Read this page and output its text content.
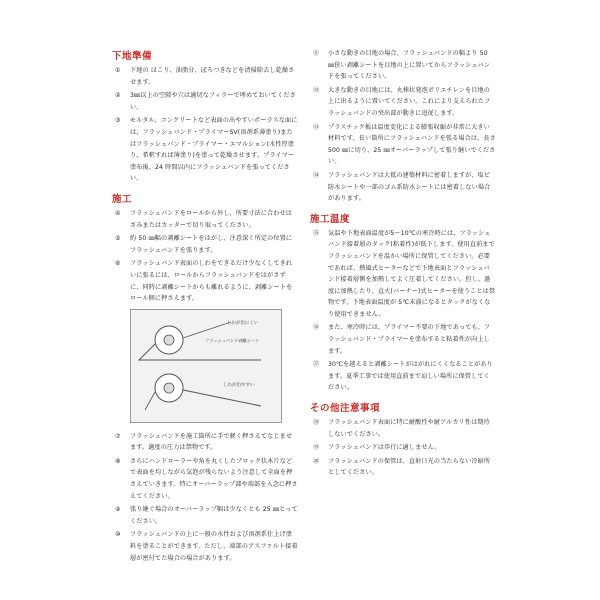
下地準備
① 下地の ほこり、油脂分、ぼろつきなどを清掃除去し乾燥させます。
② 3㎜以上の空隙や穴は適切なフィラーで埋めておいてください。
③ モルタル、コンクリートなど表面の出やすいポーラスな面には、フラッシュバンド・プライマーSV(溶剤系薄塗り)またはフラッシュバンド・プライマー・エマルション(水性厚塗り、希釈すれば薄塗り)を塗って乾燥させます。プライマー塗布後、24 時間以内にフラッシュバンドを張ってください。
施工
④ フラッシュバンドをロールから外し、所要寸法に合わせはさみまたはカッターで切り取ってください。
⑤ 約 50 ㎜幅の剥離シートをはがし、注意深く所定の位置にフラッシュバンドを張ります。
⑥ フラッシュバンド表面のしわをできるだけ少なくしてきれいに張るには、ロールからフラッシュバンドをはがさずに、同時に剥離シートからも離れるように、剥離シートをロール側に押さえます。
しわが出にくい
フラッシュバンド剥離シート
しわが出やすい
⑦ フラッシュバンドを施工箇所に手で軽く押さえてなじませます。適度の圧力は禁物です。
⑧ さらにハンドローラーや角を丸くしたブロック状木片などで表面を均しながら気泡が残らないよう注意して全面を押さえていきます。特にオーバーラップ部や端部を入念に押さえてください。
⑨ 張り継ぐ場合のオーバーラップ幅は少なくとも 25 ㎜とってください。
⑩ フラッシュバンドの上に一般の水性および溶剤系仕上げ塗料を塗ることができます。ただし、端部のアスファルト接着層が密付てた場合の場合があります。
⑪ 小さな動きの目地の場合、フラッシュバンドの幅より 50 ㎜狭い剥離シートを目地の上に置いてからフラッシュバンドを張ってください。
⑫ 大きな動きの目地には、丸棒状発泡ポリエチレンを目地の上に出るように置いてください。これにより支えられたフラッシュバンドの突出部が動きに追従します。
⑬ プラスチック板は温度変化による膨張収縮が非常に大きい材料です。長い箇所にフラッシュバンドを張る場合は、長さ 500 ㎜に切り、25 ㎜オーバーラップして張り継いでください。
⑭ フラッシュバンドは大抵の建築材料に密着しますが、塩ビ防水シートや一部のゴム系防水シートには密着しない場合があります。
施工温度
⑮ 気温や下地表面温度が5〜10℃の寒冷時には、フラッシュバンド接着層のタック(粘着性)が低下します。使用直前までフラッシュバンドを温かい場所に保管してください。必要であれば、熱風式ヒーターなどで下地表面とフラッシュバンド接着層側を加熱してよく圧着してください。但し、過度に加熱したり、直火(バーナー)式ヒーターを使うことは禁物です。下地表面温度が 5℃未満になるとタックがなくなり使用できません。
⑯ また、寒冷時には、プライマー不要の下地であっても、フラッシュバンド・プライマーを塗布すると粘着性が向上します。
⑰ 30℃を越えると剥離シートがはがれにくくなることがあります。夏季工事では使用直前まで涼しい場所に保管してください。
その他注意事項
⑱ フラッシュバンド表面に特に耐酸性や耐アルカリ性は期待しないでください。
⑲ フラッシュバンドは歩行に適しません。
⑳ フラッシュバンドの保管は、直射日光の当たらない冷暗所としてください。
